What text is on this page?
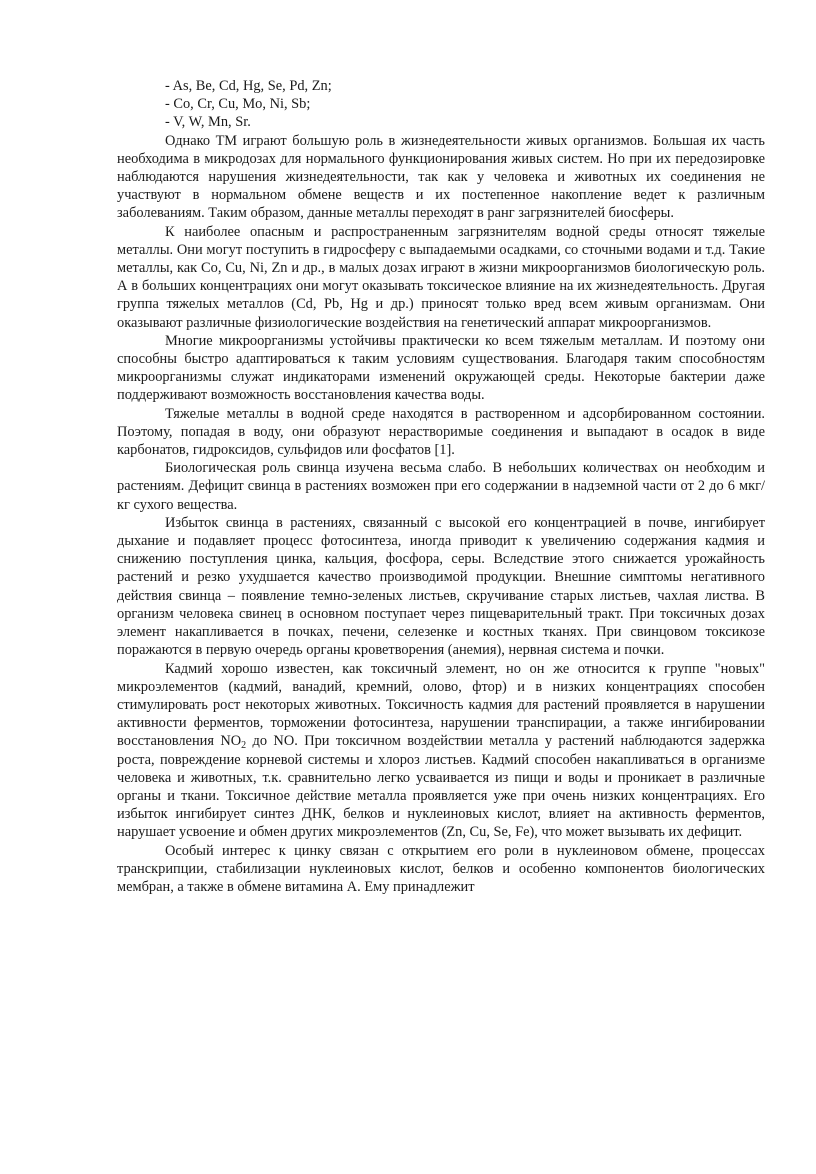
- As, Be, Cd, Hg, Se, Pd, Zn;
- Co, Cr, Cu, Mo, Ni, Sb;
- V, W, Mn, Sr.

Однако ТМ играют большую роль в жизнедеятельности живых организмов. Большая их часть необходима в микродозах для нормального функционирования живых систем. Но при их передозировке наблюдаются нарушения жизнедеятельности, так как у человека и животных их соединения не участвуют в нормальном обмене веществ и их постепенное накопление ведет к различным заболеваниям. Таким образом, данные металлы переходят в ранг загрязнителей биосферы.

К наиболее опасным и распространенным загрязнителям водной среды относят тяжелые металлы. Они могут поступить в гидросферу с выпадаемыми осадками, со сточными водами и т.д. Такие металлы, как Co, Cu, Ni, Zn и др., в малых дозах играют в жизни микроорганизмов биологическую роль. А в больших концентрациях они могут оказывать токсическое влияние на их жизнедеятельность. Другая группа тяжелых металлов (Cd, Pb, Hg и др.) приносят только вред всем живым организмам. Они оказывают различные физиологические воздействия на генетический аппарат микроорганизмов.

Многие микроорганизмы устойчивы практически ко всем тяжелым металлам. И поэтому они способны быстро адаптироваться к таким условиям существования. Благодаря таким способностям микроорганизмы служат индикаторами изменений окружающей среды. Некоторые бактерии даже поддерживают возможность восстановления качества воды.

Тяжелые металлы в водной среде находятся в растворенном и адсорбированном состоянии. Поэтому, попадая в воду, они образуют нерастворимые соединения и выпадают в осадок в виде карбонатов, гидроксидов, сульфидов или фосфатов [1].

Биологическая роль свинца изучена весьма слабо. В небольших количествах он необходим и растениям. Дефицит свинца в растениях возможен при его содержании в надземной части от 2 до 6 мкг/кг сухого вещества.

Избыток свинца в растениях, связанный с высокой его концентрацией в почве, ингибирует дыхание и подавляет процесс фотосинтеза, иногда приводит к увеличению содержания кадмия и снижению поступления цинка, кальция, фосфора, серы. Вследствие этого снижается урожайность растений и резко ухудшается качество производимой продукции. Внешние симптомы негативного действия свинца – появление темно-зеленых листьев, скручивание старых листьев, чахлая листва. В организм человека свинец в основном поступает через пищеварительный тракт. При токсичных дозах элемент накапливается в почках, печени, селезенке и костных тканях. При свинцовом токсикозе поражаются в первую очередь органы кроветворения (анемия), нервная система и почки.

Кадмий хорошо известен, как токсичный элемент, но он же относится к группе "новых" микроэлементов (кадмий, ванадий, кремний, олово, фтор) и в низких концентрациях способен стимулировать рост некоторых животных. Токсичность кадмия для растений проявляется в нарушении активности ферментов, торможении фотосинтеза, нарушении транспирации, а также ингибировании восстановления $NO_2$ до NO. При токсичном воздействии металла у растений наблюдаются задержка роста, повреждение корневой системы и хлороз листьев. Кадмий способен накапливаться в организме человека и животных, т.к. сравнительно легко усваивается из пищи и воды и проникает в различные органы и ткани. Токсичное действие металла проявляется уже при очень низких концентрациях. Его избыток ингибирует синтез ДНК, белков и нуклеиновых кислот, влияет на активность ферментов, нарушает усвоение и обмен других микроэлементов (Zn, Cu, Se, Fe), что может вызывать их дефицит.

Особый интерес к цинку связан с открытием его роли в нуклеиновом обмене, процессах транскрипции, стабилизации нуклеиновых кислот, белков и особенно компонентов биологических мембран, а также в обмене витамина А. Ему принадлежит
